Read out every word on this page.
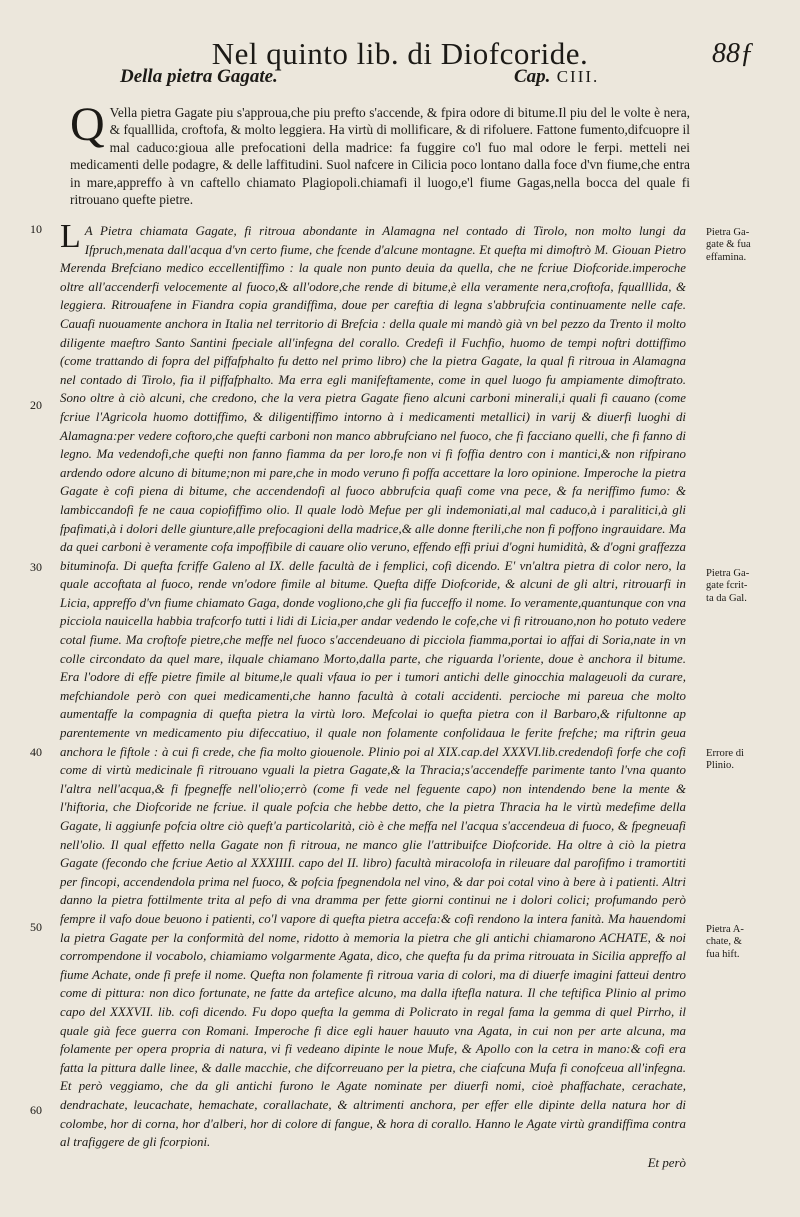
Nel quinto lib. di Diofcoride.	88ƒ
Della pietra Gagate.	Cap. CIII.
Q Vella pietra Gagate piu s'approua,che piu prefto s'accende, & fpira odore di bitume.Il piu del le volte è nera, & fqualllida, croftofa, & molto leggiera. Ha virtù di mollificare, & di rifoluere. Fattone fumento,difcuopre il mal caduco:gioua alle prefocationi della madrice: fa fuggire co'l fuo mal odore le ferpi. metteli nei medicamenti delle podagre, & delle laffitudini. Suol nafcere in Cilicia poco lontano dalla foce d'vn fiume,che entra in mare,appreffo à vn caftello chiamato Plagiopoli.chiamafi il luogo,e'l fiume Gagas,nella bocca del quale fi ritrouano quefte pietre.

L A Pietra chiamata Gagate, fi ritroua abondante in Alamagna nel contado di Tirolo, non molto lungi da Ifpruch,menata dall'acqua d'vn certo fiume, che fcende d'alcune montagne. Et quefta mi dimoftrò M. Giouan Pietro Merenda Brefciano medico eccellentiffimo : la quale non punto deuia da quella, che ne fcriue Diofcoride.imperoche oltre all'accenderfi velocemente al fuoco,& all'odore,che rende di bitume,è ella veramente nera,croftofa, fqualllida, & leggiera. Ritrouafene in Fiandra copia grandiffima, doue per careftia di legna s'abbrufcia continuamente nelle cafe. Cauafi nuouamente anchora in Italia nel territorio di Brefcia : della quale mi mandò già vn bel pezzo da Trento il molto diligente maeftro Santo Santini fpeciale all'infegna del corallo. Credefi il Fuchfio, huomo de tempi noftri dottiffimo (come trattando di fopra del piffafphalto fu detto nel primo libro) che la pietra Gagate, la qual fi ritroua in Alamagna nel contado di Tirolo, fia il piffafphalto. Ma erra egli manifeftamente, come in quel luogo fu ampiamente dimoftrato. Sono oltre à ciò alcuni, che credono, che la vera pietra Gagate fieno alcuni carboni minerali,i quali fi cauano (come fcriue l'Agricola huomo dottiffimo, & diligentiffimo intorno à i medicamenti metallici) in varij & diuerfi luoghi di Alamagna:per vedere coftoro,che quefti carboni non manco abbrufciano nel fuoco, che fi facciano quelli, che fi fanno di legno. Ma vedendofi,che quefti non fanno fiamma da per loro,fe non vi fi foffia dentro con i mantici,& non rifpirano ardendo odore alcuno di bitume;non mi pare,che in modo veruno fi poffa accettare la loro opinione. Imperoche la pietra Gagate è cofi piena di bitume, che accendendofi al fuoco abbrufcia quafi come vna pece, & fa neriffimo fumo: & lambiccandofi fe ne caua copiofiffimo olio. Il quale lodò Mefue per gli indemoniati,al mal caduco,à i paralitici,à gli fpafimati,à i dolori delle giunture,alle prefocagioni della madrice,& alle donne fterili,che non fi poffono ingrauidare. Ma da quei carboni è veramente cofa impoffibile di cauare olio veruno, effendo effi priui d'ogni humidità, & d'ogni graffezza bituminofa. Di quefta fcriffe Galeno al IX. delle facultà de i femplici, cofi dicendo. E' vn'altra pietra di color nero, la quale accoftata al fuoco, rende vn'odore fimile al bitume. Quefta diffe Diofcoride, & alcuni de gli altri, ritrouarfi in Licia, appreffo d'vn fiume chiamato Gaga, donde vogliono,che gli fia fucceffo il nome. Io veramente,quantunque con vna picciola nauicella habbia trafcorfo tutti i lidi di Licia,per andar vedendo le cofe,che vi fi ritrouano,non ho potuto vedere cotal fiume. Ma croftofe pietre,che meffe nel fuoco s'accendeuano di picciola fiamma,portai io affai di Soria,nate in vn colle circondato da quel mare, ilquale chiamano Morto,dalla parte, che riguarda l'oriente, doue è anchora il bitume. Era l'odore di effe pietre fimile al bitume,le quali vfaua io per i tumori antichi delle ginocchia malageuoli da curare, mefchiandole però con quei medicamenti,che hanno facultà à cotali accidenti. percioche mi pareua che molto aumentaffe la compagnia di quefta pietra la virtù loro. Mefcolai io quefta pietra con il Barbaro,& rifultonne ap parentemente vn medicamento piu difeccatiuo, il quale non folamente confolidaua le ferite frefche; ma riftrin geua anchora le fiftole : à cui fi crede, che fia molto giouenole. Plinio poi al XIX.cap.del XXXVI.lib.credendofi forfe che cofi come di virtù medicinale fi ritrouano vguali la pietra Gagate,& la Thracia;s'accendeffe parimente tanto l'vna quanto l'altra nell'acqua,& fi fpegneffe nell'olio;errò (come fi vede nel feguente capo) non intendendo bene la mente & l'hiftoria, che Diofcoride ne fcriue. il quale pofcia che hebbe detto, che la pietra Thracia ha le virtù medefime della Gagate, li aggiunfe pofcia oltre ciò queft'a particolarità, ciò è che meffa nel l'acqua s'accendeua di fuoco, & fpegneuafi nell'olio. Il qual effetto nella Gagate non fi ritroua, ne manco glie l'attribuifce Diofcoride. Ha oltre à ciò la pietra Gagate (fecondo che fcriue Aetio al XXXIIII. capo del II. libro) facultà miracolofa in rileuare dal parofifmo i tramortiti per fincopi, accendendola prima nel fuoco, & pofcia fpegnendola nel vino, & dar poi cotal vino à bere à i patienti. Altri danno la pietra fottilmente trita al pefo di vna dramma per fette giorni continui ne i dolori colici; profumando però fempre il vafo doue beuono i patienti, co'l vapore di quefta pietra accefa:& cofi rendono la intera fanità. Ma hauendomi la pietra Gagate per la conformità del nome, ridotto à memoria la pietra che gli antichi chiamarono ACHATE, & noi corrompendone il vocabolo, chiamiamo volgarmente Agata, dico, che quefta fu da prima ritrouata in Sicilia appreffo al fiume Achate, onde fi prefe il nome. Quefta non folamente fi ritroua varia di colori, ma di diuerfe imagini fatteui dentro come di pittura: non dico fortunate, ne fatte da artefice alcuno, ma dalla iftefla natura. Il che teftifica Plinio al primo capo del XXXVII. lib. cofi dicendo. Fu dopo quefta la gemma di Policrato in regal fama la gemma di quel Pirrho, il quale già fece guerra con Romani. Imperoche fi dice egli hauer hauuto vna Agata, in cui non per arte alcuna, ma folamente per opera propria di natura, vi fi vedeano dipinte le noue Mufe, & Apollo con la cetra in mano:& cofi era fatta la pittura dalle linee, & dalle macchie, che difcorreuano per la pietra, che ciafcuna Mufa fi conofceua all'infegna. Et però veggiamo, che da gli antichi furono le Agate nominate per diuerfi nomi, cioè phaffachate, cerachate, dendrachate, leucachate, hemachate, corallachate, & altrimenti anchora, per effer elle dipinte della natura hor di colombe, hor di corna, hor d'alberi, hor di colore di fangue, & hora di corallo. Hanno le Agate virtù grandiffima contra al trafiggere de gli fcorpioni.

Et però
10
20
30
40
50
60
Pietra Ga-
gate & fua
effamina.
Pietra Ga-
gate fcrit-
ta da Gal.
Errore di
Plinio.
Pietra A-
chate, &
fua hift.
